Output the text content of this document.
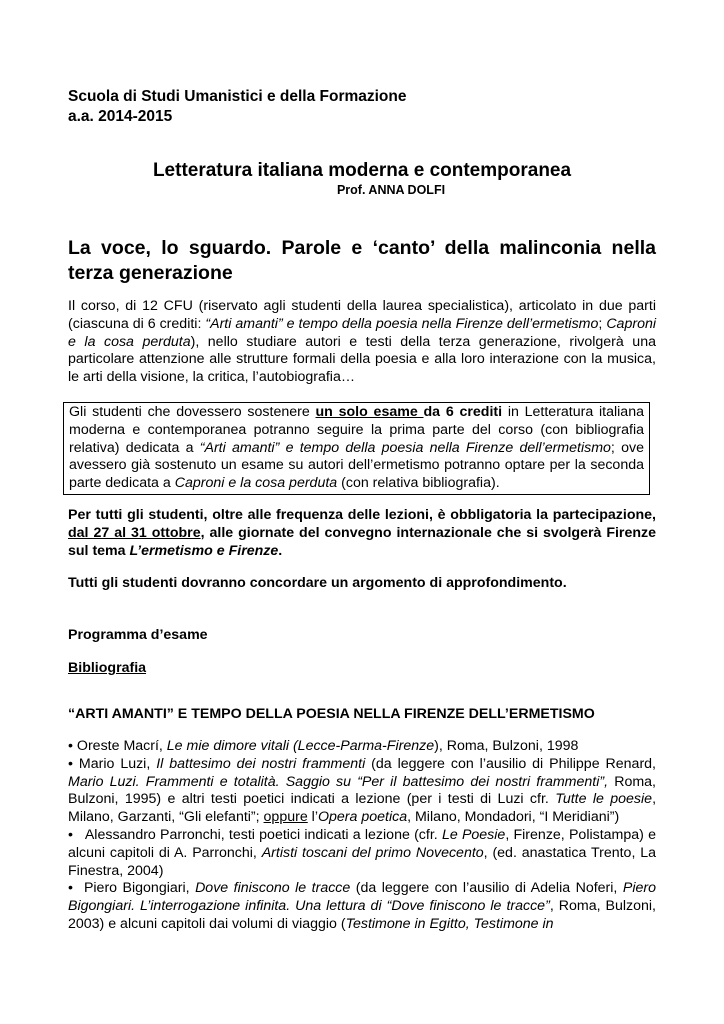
Scuola di Studi Umanistici e della Formazione
a.a. 2014-2015
Letteratura italiana moderna e contemporanea
Prof. ANNA DOLFI
La voce, lo sguardo. Parole e ‘canto’ della malinconia nella terza generazione
Il corso, di 12 CFU (riservato agli studenti della laurea specialistica), articolato in due parti (ciascuna di 6 crediti: “Arti amanti” e tempo della poesia nella Firenze dell’ermetismo; Caproni e la cosa perduta), nello studiare autori e testi della terza generazione, rivolgerà una particolare attenzione alle strutture formali della poesia e alla loro interazione con la musica, le arti della visione, la critica, l’autobiografia…
Gli studenti che dovessero sostenere un solo esame da 6 crediti in Letteratura italiana moderna e contemporanea potranno seguire la prima parte del corso (con bibliografia relativa) dedicata a “Arti amanti” e tempo della poesia nella Firenze dell’ermetismo; ove avessero già sostenuto un esame su autori dell’ermetismo potranno optare per la seconda parte dedicata a Caproni e la cosa perduta (con relativa bibliografia).
Per tutti gli studenti, oltre alle frequenza delle lezioni, è obbligatoria la partecipazione, dal 27 al 31 ottobre, alle giornate del convegno internazionale che si svolgerà Firenze sul tema L’ermetismo e Firenze.
Tutti gli studenti dovranno concordare un argomento di approfondimento.
Programma d’esame
Bibliografia
“ARTI AMANTI” E TEMPO DELLA POESIA NELLA FIRENZE DELL’ERMETISMO

• Oreste Macrí, Le mie dimore vitali (Lecce-Parma-Firenze), Roma, Bulzoni, 1998

• Mario Luzi, Il battesimo dei nostri frammenti (da leggere con l’ausilio di Philippe Renard, Mario Luzi. Frammenti e totalità. Saggio su “Per il battesimo dei nostri frammenti”, Roma, Bulzoni, 1995) e altri testi poetici indicati a lezione (per i testi di Luzi cfr. Tutte le poesie, Milano, Garzanti, “Gli elefanti”; oppure l’Opera poetica, Milano, Mondadori, “I Meridiani”)

•   Alessandro Parronchi, testi poetici indicati a lezione (cfr. Le Poesie, Firenze, Polistampa) e alcuni capitoli di A. Parronchi, Artisti toscani del primo Novecento, (ed. anastatica Trento, La Finestra, 2004)

•  Piero Bigongiari, Dove finiscono le tracce (da leggere con l’ausilio di Adelia Noferi, Piero Bigongiari. L’interrogazione infinita. Una lettura di “Dove finiscono le tracce”, Roma, Bulzoni, 2003) e alcuni capitoli dai volumi di viaggio (Testimone in Egitto, Testimone in
